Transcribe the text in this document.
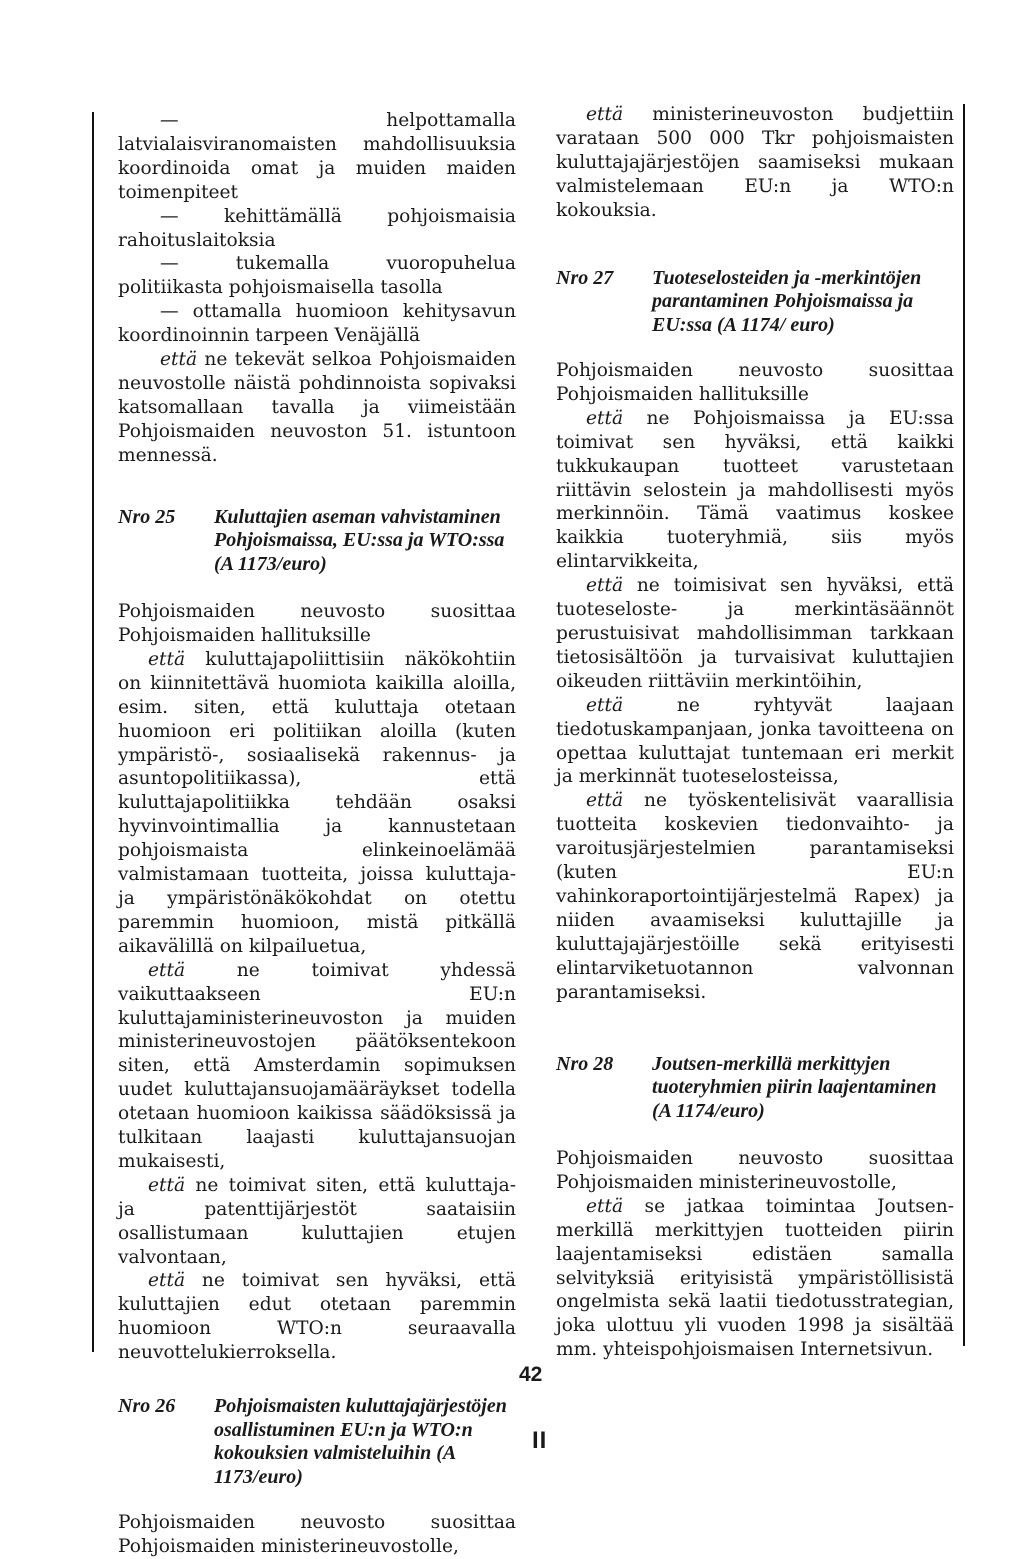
— helpottamalla latvialaisviranomaisten mahdollisuuksia koordinoida omat ja muiden maiden toimenpiteet

— kehittämällä pohjoismaisia rahoituslaitoksia

— tukemalla vuoropuhelua politiikasta pohjoismaisella tasolla

— ottamalla huomioon kehitysavun koordinoinnin tarpeen Venäjällä

että ne tekevät selkoa Pohjoismaiden neuvostolle näistä pohdinnoista sopivaksi katsomallaan tavalla ja viimeistään Pohjoismaiden neuvoston 51. istuntoon mennessä.

Nro 25	Kuluttajien aseman vahvistaminen Pohjoismaissa, EU:ssa ja WTO:ssa (A 1173/euro)

Pohjoismaiden neuvosto suosittaa Pohjoismaiden hallituksille

että kuluttajapoliittisiin näkökohtiin on kiinnitettävä huomiota kaikilla aloilla, esim. siten, että kuluttaja otetaan huomioon eri politiikan aloilla (kuten ympäristö-, sosiaalisekä rakennus- ja asuntopolitiikassa), että kuluttajapolitiikka tehdään osaksi hyvinvointimallia ja kannustetaan pohjoismaista elinkeinoelämää valmistamaan tuotteita, joissa kuluttaja- ja ympäristönäkökohdat on otettu paremmin huomioon, mistä pitkällä aikavälillä on kilpailuetua,

että ne toimivat yhdessä vaikuttaakseen EU:n kuluttajaministerineuvoston ja muiden ministerineuvostojen päätöksentekoon siten, että Amsterdamin sopimuksen uudet kuluttajansuojamääräykset todella otetaan huomioon kaikissa säädöksissä ja tulkitaan laajasti kuluttajansuojan mukaisesti,

että ne toimivat siten, että kuluttaja- ja patenttijärjestöt saataisiin osallistumaan kuluttajien etujen valvontaan,

että ne toimivat sen hyväksi, että kuluttajien edut otetaan paremmin huomioon WTO:n seuraavalla neuvottelukierroksella.

Nro 26	Pohjoismaisten kuluttajajärjestöjen osallistuminen EU:n ja WTO:n kokouksien valmisteluihin (A 1173/euro)

Pohjoismaiden neuvosto suosittaa Pohjoismaiden ministerineuvostolle,

että ministerineuvoston budjettiin varataan 500 000 Tkr pohjoismaisten kuluttajajärjestöjen saamiseksi mukaan valmistelemaan EU:n ja WTO:n kokouksia.

Nro 27	Tuoteselosteiden ja -merkintöjen parantaminen Pohjoismaissa ja EU:ssa (A 1174/ euro)

Pohjoismaiden neuvosto suosittaa Pohjoismaiden hallituksille

että ne Pohjoismaissa ja EU:ssa toimivat sen hyväksi, että kaikki tukkukaupan tuotteet varustetaan riittävin selostein ja mahdollisesti myös merkinnöin. Tämä vaatimus koskee kaikkia tuoteryhmiä, siis myös elintarvikkeita,

että ne toimisivat sen hyväksi, että tuoteseloste- ja merkintäsäännöt perustuisivat mahdollisimman tarkkaan tietosisältöön ja turvaisivat kuluttajien oikeuden riittäviin merkintöihin,

että ne ryhtyvät laajaan tiedotuskampanjaan, jonka tavoitteena on opettaa kuluttajat tuntemaan eri merkit ja merkinnät tuoteselosteissa,

että ne työskentelisivät vaarallisia tuotteita koskevien tiedonvaihto- ja varoitusjärjestelmien parantamiseksi (kuten EU:n vahinkoraportointijärjestelmä Rapex) ja niiden avaamiseksi kuluttajille ja kuluttajajärjestöille sekä erityisesti elintarviketuotannon valvonnan parantamiseksi.

Nro 28	Joutsen-merkillä merkittyjen tuoteryhmien piirin laajentaminen (A 1174/euro)

Pohjoismaiden neuvosto suosittaa Pohjoismaiden ministerineuvostolle,

että se jatkaa toimintaa Joutsen-merkillä merkittyjen tuotteiden piirin laajentamiseksi edistäen samalla selvityksiä erityisistä ympäristöllisistä ongelmista sekä laatii tiedotusstrategian, joka ulottuu yli vuoden 1998 ja sisältää mm. yhteispohjoismaisen Internetsivun.

42
II
